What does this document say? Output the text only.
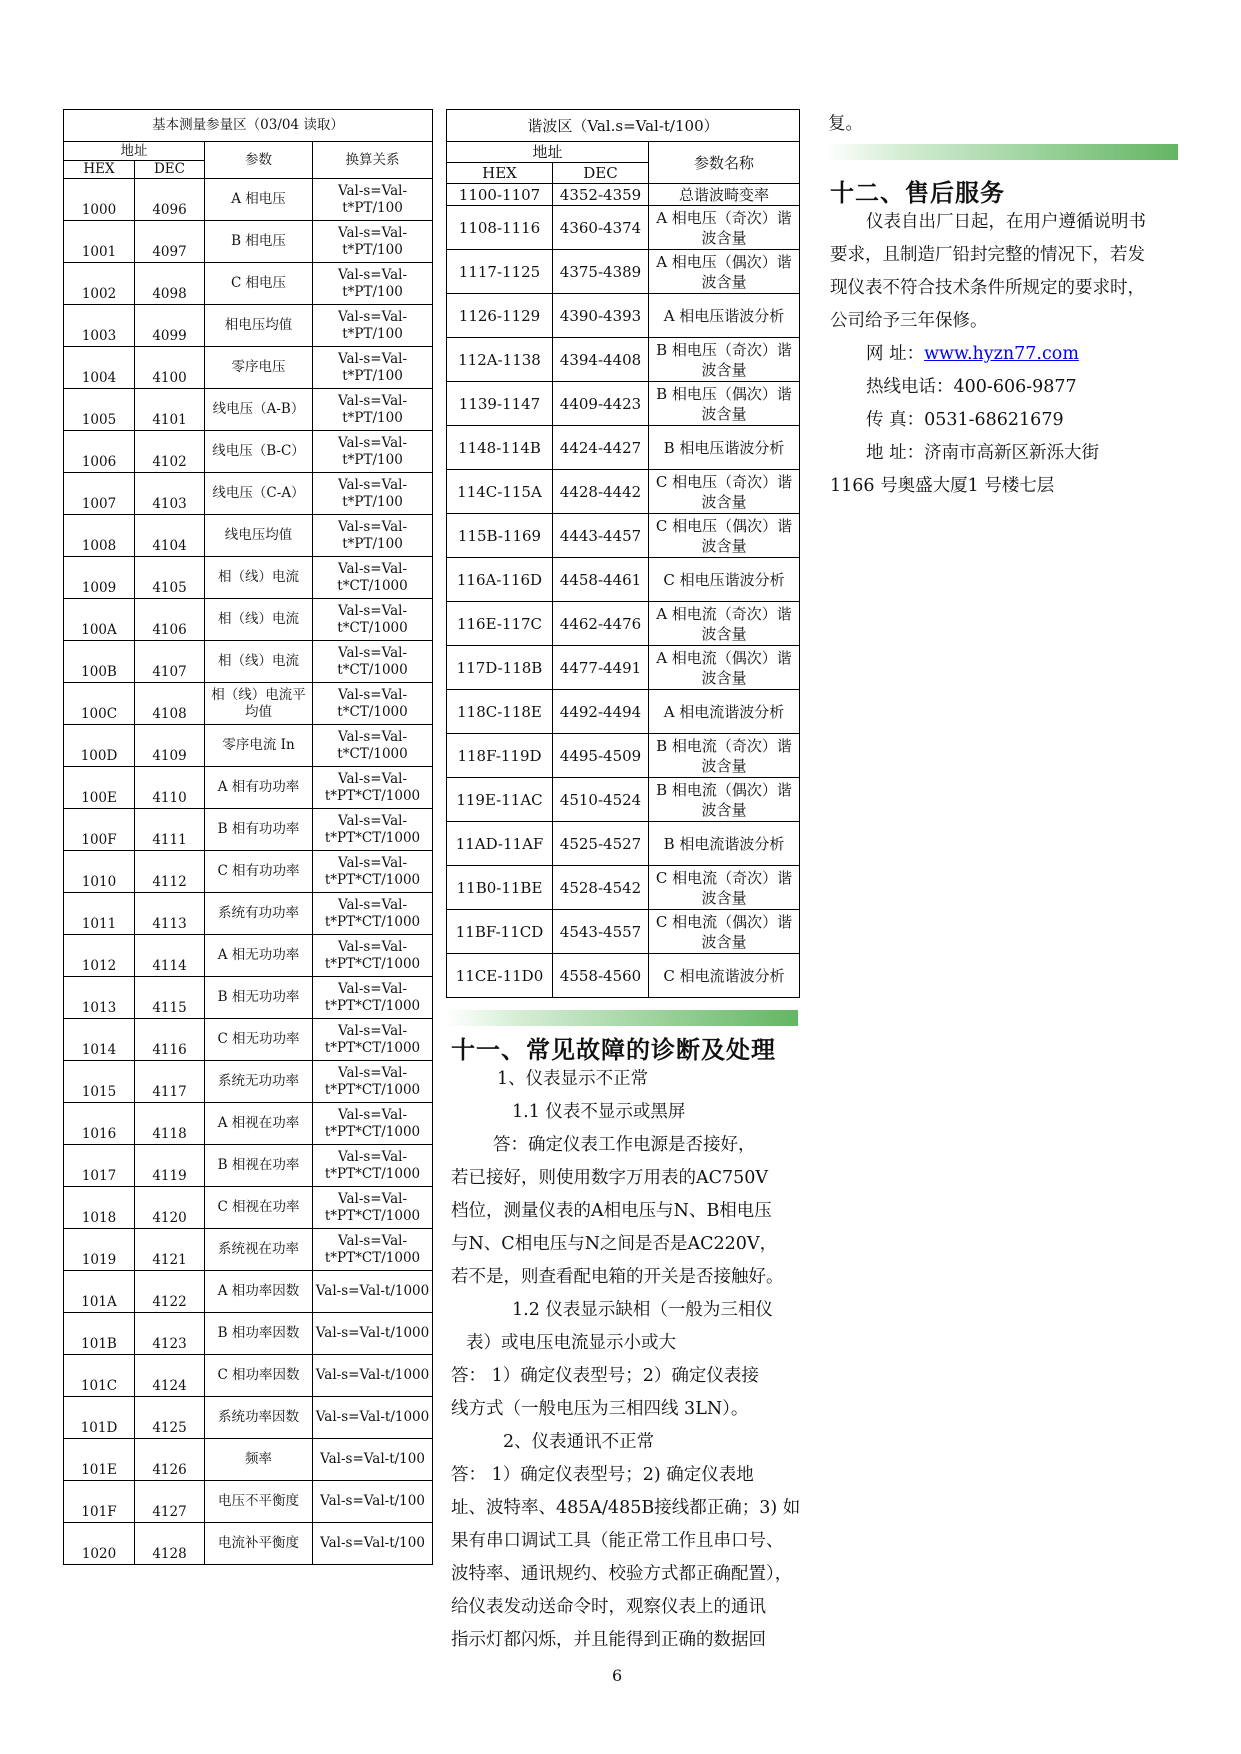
基本测量参量区（03/04 读取）			
地址		参数	换算关系
HEX	DEC		
1000	4096	A 相电压	Val-s=Val-t*PT/100
1001	4097	B 相电压	Val-s=Val-t*PT/100
1002	4098	C 相电压	Val-s=Val-t*PT/100
1003	4099	相电压均值	Val-s=Val-t*PT/100
1004	4100	零序电压	Val-s=Val-t*PT/100
1005	4101	线电压（A-B）	Val-s=Val-t*PT/100
1006	4102	线电压（B-C）	Val-s=Val-t*PT/100
1007	4103	线电压（C-A）	Val-s=Val-t*PT/100
1008	4104	线电压均值	Val-s=Val-t*PT/100
1009	4105	相（线）电流	Val-s=Val-t*CT/1000
100A	4106	相（线）电流	Val-s=Val-t*CT/1000
100B	4107	相（线）电流	Val-s=Val-t*CT/1000
100C	4108	相（线）电流平均值	Val-s=Val-t*CT/1000
100D	4109	零序电流 In	Val-s=Val-t*CT/1000
100E	4110	A 相有功功率	Val-s=Val-t*PT*CT/1000
100F	4111	B 相有功功率	Val-s=Val-t*PT*CT/1000
1010	4112	C 相有功功率	Val-s=Val-t*PT*CT/1000
1011	4113	系统有功功率	Val-s=Val-t*PT*CT/1000
1012	4114	A 相无功功率	Val-s=Val-t*PT*CT/1000
1013	4115	B 相无功功率	Val-s=Val-t*PT*CT/1000
1014	4116	C 相无功功率	Val-s=Val-t*PT*CT/1000
1015	4117	系统无功功率	Val-s=Val-t*PT*CT/1000
1016	4118	A 相视在功率	Val-s=Val-t*PT*CT/1000
1017	4119	B 相视在功率	Val-s=Val-t*PT*CT/1000
1018	4120	C 相视在功率	Val-s=Val-t*PT*CT/1000
1019	4121	系统视在功率	Val-s=Val-t*PT*CT/1000
101A	4122	A 相功率因数	Val-s=Val-t/1000
101B	4123	B 相功率因数	Val-s=Val-t/1000
101C	4124	C 相功率因数	Val-s=Val-t/1000
101D	4125	系统功率因数	Val-s=Val-t/1000
101E	4126	频率	Val-s=Val-t/100
101F	4127	电压不平衡度	Val-s=Val-t/100
1020	4128	电流补平衡度	Val-s=Val-t/100
谐波区（Val.s=Val-t/100）		
地址		参数名称
HEX	DEC	
1100-1107	4352-4359	总谐波畸变率
1108-1116	4360-4374	A 相电压（奇次）谐波含量
1117-1125	4375-4389	A 相电压（偶次）谐波含量
1126-1129	4390-4393	A 相电压谐波分析
112A-1138	4394-4408	B 相电压（奇次）谐波含量
1139-1147	4409-4423	B 相电压（偶次）谐波含量
1148-114B	4424-4427	B 相电压谐波分析
114C-115A	4428-4442	C 相电压（奇次）谐波含量
115B-1169	4443-4457	C 相电压（偶次）谐波含量
116A-116D	4458-4461	C 相电压谐波分析
116E-117C	4462-4476	A 相电流（奇次）谐波含量
117D-118B	4477-4491	A 相电流（偶次）谐波含量
118C-118E	4492-4494	A 相电流谐波分析
118F-119D	4495-4509	B 相电流（奇次）谐波含量
119E-11AC	4510-4524	B 相电流（偶次）谐波含量
11AD-11AF	4525-4527	B 相电流谐波分析
11B0-11BE	4528-4542	C 相电流（奇次）谐波含量
11BF-11CD	4543-4557	C 相电流（偶次）谐波含量
11CE-11D0	4558-4560	C 相电流谐波分析
十一、常见故障的诊断及处理

1、仪表显示不正常

1.1 仪表不显示或黑屏

答：确定仪表工作电源是否接好，

若已接好，则使用数字万用表的AC750V

档位，测量仪表的A相电压与N、B相电压

与N、C相电压与N之间是否是AC220V，

若不是，则查看配电箱的开关是否接触好。

1.2 仪表显示缺相（一般为三相仪

表）或电压电流显示小或大

答： 1）确定仪表型号；2）确定仪表接

线方式（一般电压为三相四线 3LN）。

2、仪表通讯不正常

答： 1）确定仪表型号；2) 确定仪表地

址、波特率、485A/485B接线都正确；3) 如

果有串口调试工具（能正常工作且串口号、

波特率、通讯规约、校验方式都正确配置），

给仪表发动送命令时，观察仪表上的通讯

指示灯都闪烁，并且能得到正确的数据回

6

复。

十二、售后服务

仪表自出厂日起，在用户遵循说明书

要求，且制造厂铅封完整的情况下，若发

现仪表不符合技术条件所规定的要求时，

公司给予三年保修。

网 址：www.hyzn77.com

热线电话：400-606-9877

传 真：0531-68621679

地 址：济南市高新区新泺大街

1166 号奥盛大厦1 号楼七层
